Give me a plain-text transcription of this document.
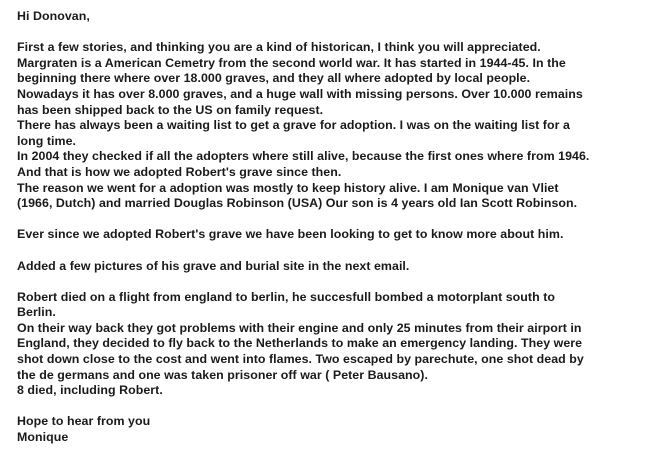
Hi Donovan,
First a few stories, and thinking you are a kind of historican, I think you will appreciated.
Margraten is a American Cemetry from the second world war. It has started in 1944-45. In the
beginning there where over 18.000 graves, and they all where adopted by local people.
Nowadays it has over 8.000 graves, and a huge wall with missing persons. Over 10.000 remains
has been shipped back to the US on family request.
There has always been a waiting list to get a grave for adoption. I was on the waiting list for a
long time.
In 2004 they checked if all the adopters where still alive, because the first ones where from 1946.
And that is how we adopted Robert's grave since then.
The reason we went for a adoption was mostly to keep history alive. I am Monique van Vliet
(1966, Dutch) and married Douglas Robinson (USA) Our son is 4 years old Ian Scott Robinson.
Ever since we adopted Robert's grave we have been looking to get to know more about him.
Added a few pictures of his grave and burial site in the next email.
Robert died on a flight from england to berlin, he succesfull bombed a motorplant south to
Berlin.
On their way back they got problems with their engine and only 25 minutes from their airport in
England, they decided to fly back to the Netherlands to make an emergency landing. They were
shot down close to the cost and went into flames. Two escaped by parechute, one shot dead by
the de germans and one was taken prisoner off war ( Peter Bausano).
8 died, including Robert.
Hope to hear from you
Monique
